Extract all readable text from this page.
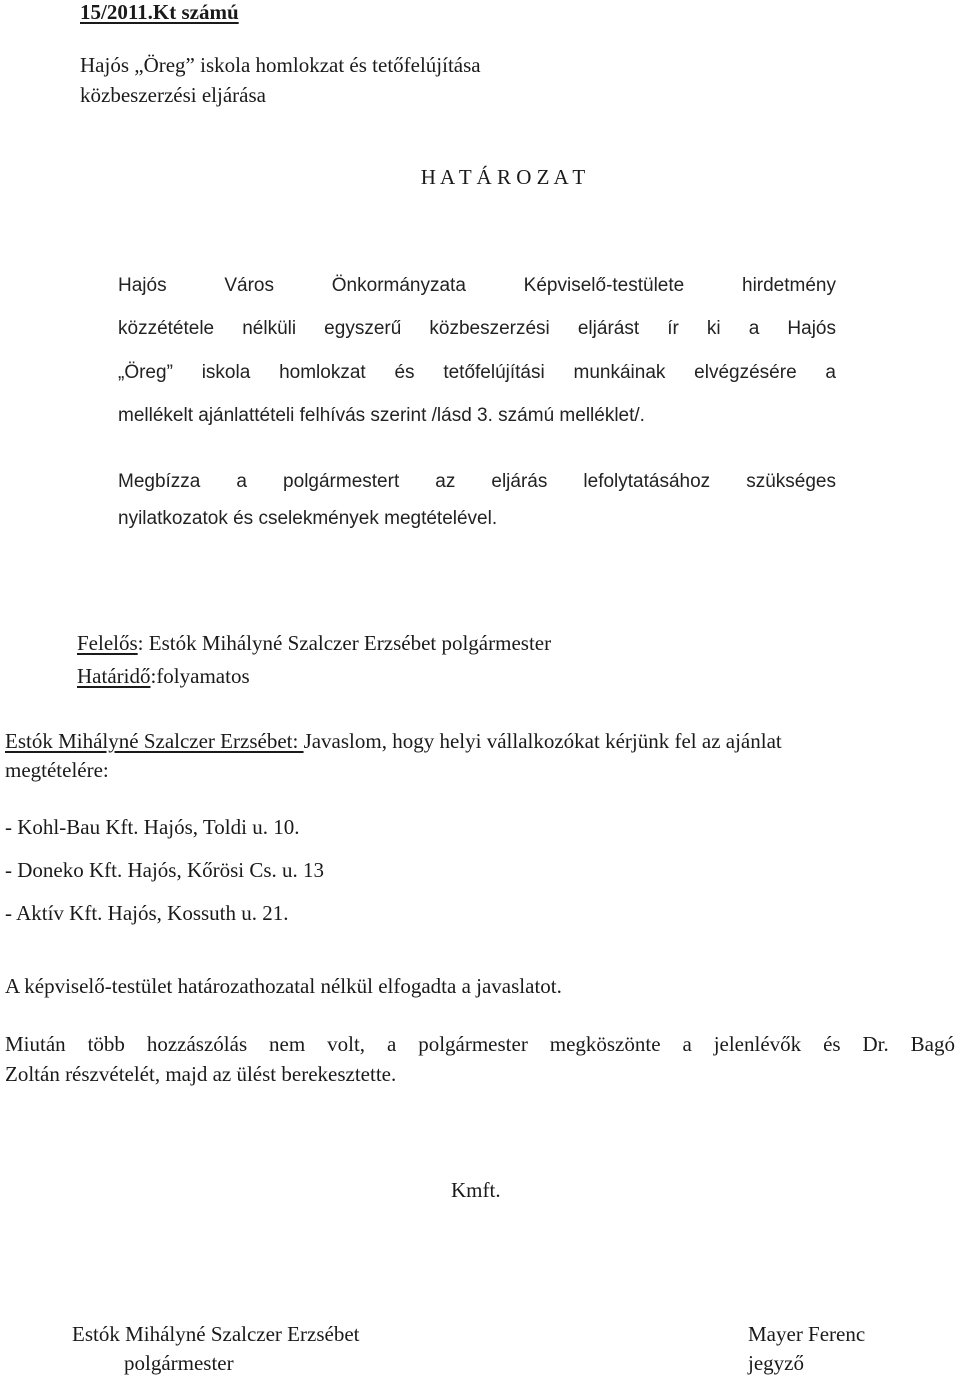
15/2011.Kt számú
Hajós „Öreg” iskola homlokzat és tetőfelújítása
közbeszerzési eljárása
H A T Á R O Z A T
Hajós Város Önkormányzata Képviselő-testülete hirdetmény
közzététele nélküli egyszerű közbeszerzési eljárást ír ki a Hajós
„Öreg” iskola homlokzat és tetőfelújítási munkáinak elvégzésére a
mellékelt ajánlattételi felhívás szerint /lásd 3. számú melléklet/.
Megbízza a polgármestert az eljárás lefolytatásához szükséges
nyilatkozatok és cselekmények megtételével.
Felelős: Estók Mihályné Szalczer Erzsébet polgármester
Határidő:folyamatos
Estók Mihályné Szalczer Erzsébet: Javaslom, hogy helyi vállalkozókat kérjünk fel az ajánlat
megtételére:
- Kohl-Bau Kft. Hajós, Toldi u. 10.
- Doneko Kft. Hajós, Kőrösi Cs. u. 13
- Aktív Kft. Hajós, Kossuth u. 21.
A képviselő-testület határozathozatal nélkül elfogadta a javaslatot.
Miután több hozzászólás nem volt, a polgármester megköszönte a jelenlévők és Dr. Bagó
Zoltán részvételét, majd az ülést berekesztette.
Kmft.
Estók Mihályné Szalczer Erzsébet
polgármester
Mayer Ferenc
jegyző
